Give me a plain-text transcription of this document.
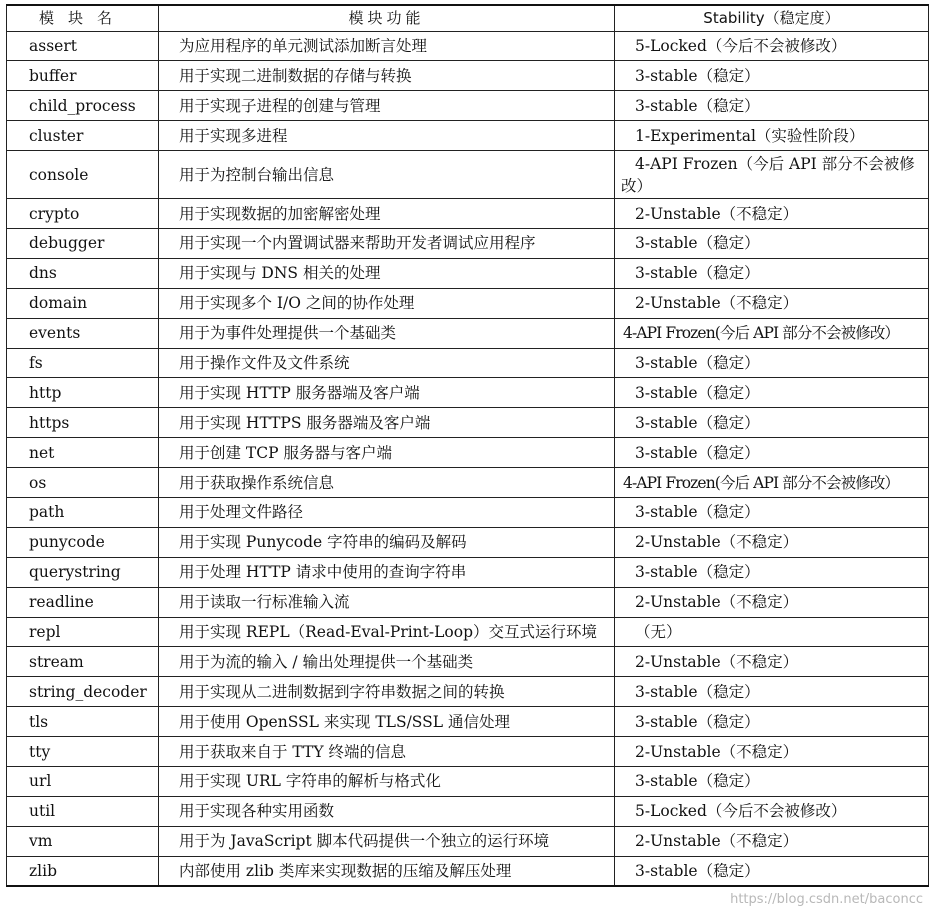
模块名	模块功能	Stability（稳定度）
assert	为应用程序的单元测试添加断言处理	5-Locked（今后不会被修改）
buffer	用于实现二进制数据的存储与转换	3-stable（稳定）
child_process	用于实现子进程的创建与管理	3-stable（稳定）
cluster	用于实现多进程	1-Experimental（实验性阶段）
console	用于为控制台输出信息	4-API Frozen（今后 API 部分不会被修改）
crypto	用于实现数据的加密解密处理	2-Unstable（不稳定）
debugger	用于实现一个内置调试器来帮助开发者调试应用程序	3-stable（稳定）
dns	用于实现与 DNS 相关的处理	3-stable（稳定）
domain	用于实现多个 I/O 之间的协作处理	2-Unstable（不稳定）
events	用于为事件处理提供一个基础类	4-API Frozen(今后 API 部分不会被修改）
fs	用于操作文件及文件系统	3-stable（稳定）
http	用于实现 HTTP 服务器端及客户端	3-stable（稳定）
https	用于实现 HTTPS 服务器端及客户端	3-stable（稳定）
net	用于创建 TCP 服务器与客户端	3-stable（稳定）
os	用于获取操作系统信息	4-API Frozen(今后 API 部分不会被修改）
path	用于处理文件路径	3-stable（稳定）
punycode	用于实现 Punycode 字符串的编码及解码	2-Unstable（不稳定）
querystring	用于处理 HTTP 请求中使用的查询字符串	3-stable（稳定）
readline	用于读取一行标准输入流	2-Unstable（不稳定）
repl	用于实现 REPL（Read-Eval-Print-Loop）交互式运行环境	（无）
stream	用于为流的输入 / 输出处理提供一个基础类	2-Unstable（不稳定）
string_decoder	用于实现从二进制数据到字符串数据之间的转换	3-stable（稳定）
tls	用于使用 OpenSSL 来实现 TLS/SSL 通信处理	3-stable（稳定）
tty	用于获取来自于 TTY 终端的信息	2-Unstable（不稳定）
url	用于实现 URL 字符串的解析与格式化	3-stable（稳定）
util	用于实现各种实用函数	5-Locked（今后不会被修改）
vm	用于为 JavaScript 脚本代码提供一个独立的运行环境	2-Unstable（不稳定）
zlib	内部使用 zlib 类库来实现数据的压缩及解压处理	3-stable（稳定）
https://blog.csdn.net/baconcc
